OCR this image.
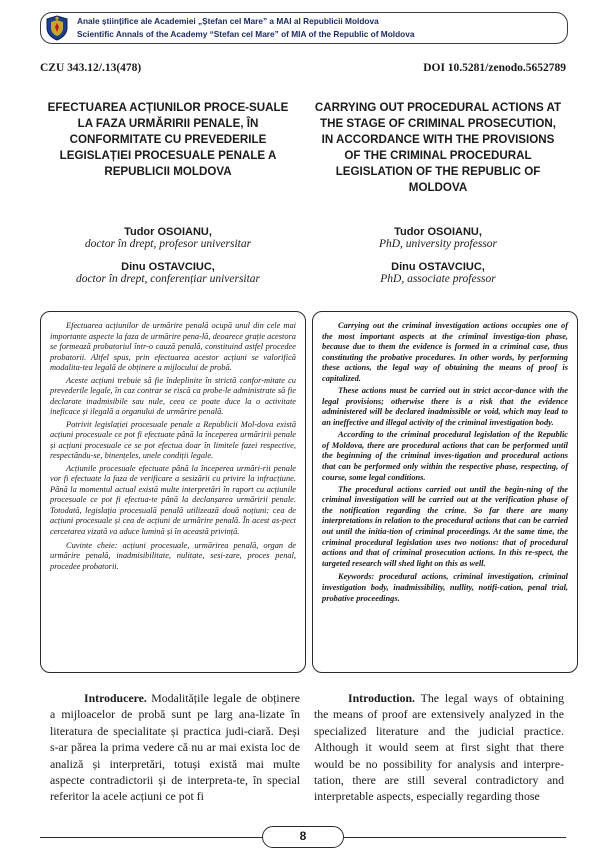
Anale științifice ale Academiei „Ștefan cel Mare” a MAI al Republicii Moldova
Scientific Annals of the Academy “Stefan cel Mare” of MIA of the Republic of Moldova
CZU 343.12/.13(478)	DOI 10.5281/zenodo.5652789
EFECTUAREA ACȚIUNILOR PROCE-SUALE LA FAZA URMĂRIRII PENALE, ÎN CONFORMITATE CU PREVEDERILE LEGISLAȚIEI PROCESUALE PENALE A REPUBLICII MOLDOVA
CARRYING OUT PROCEDURAL ACTIONS AT THE STAGE OF CRIMINAL PROSECUTION, IN ACCORDANCE WITH THE PROVISIONS OF THE CRIMINAL PROCEDURAL LEGISLATION OF THE REPUBLIC OF MOLDOVA
Tudor OSOIANU,
doctor în drept, profesor universitar
Dinu OSTAVCIUC,
doctor în drept, conferențiar universitar
Tudor OSOIANU,
PhD, university professor
Dinu OSTAVCIUC,
PhD, associate professor

Efectuarea acțiunilor de urmărire penală ocupă unul din cele mai importante aspecte la faza de urmărire pena-lă, deoarece grație acestora se formează probatoriul într-o cauză penală, constituind astfel procedee probatorii. Altfel spus, prin efectuarea acestor acțiuni se valorifică modalita-tea legală de obținere a mijlocului de probă.

Aceste acțiuni trebuie să fie îndeplinite în strictă confor-mitate cu prevederile legale, în caz contrar se riscă ca probe-le administrate să fie declarate inadmisibile sau nule, ceea ce poate duce la o activitate ineficace și ilegală a organului de urmărire penală.

Potrivit legislației procesuale penale a Republicii Mol-dova există acțiuni procesuale ce pot fi efectuate până la începerea urmăririi penale și acțiuni procesuale ce se pot efectua doar în limitele fazei respective, respectându-se, binențeles, unele condiții legale.

Acțiunile procesuale efectuate până la începerea urmări-rii penale vor fi efectuate la faza de verificare a sesizării cu privire la infracțiune. Până la momentul actual există multe interpretări în raport cu acțiunile procesuale ce pot fi efectua-te până la declanșarea urmăririi penale. Totodată, legislația procesuală penală utilizează două noțiuni: cea de acțiuni procesuale și cea de acțiuni de urmărire penală. În acest as-pect cercetarea vizată va aduce lumină și în această privință.

Cuvinte cheie: acțiuni procesuale, urmărirea penală, organ de urmărire penală, inadmisibilitate, nulitate, sesi-zare, proces penal, procedee probatorii.

Carrying out the criminal investigation actions occupies one of the most important aspects at the criminal investiga-tion phase, because due to them the evidence is formed in a criminal case, thus constituting the probative procedures. In other words, by performing these actions, the legal way of obtaining the means of proof is capitalized.

These actions must be carried out in strict accor-dance with the legal provisions; otherwise there is a risk that the evidence administered will be declared inadmissible or void, which may lead to an ineffective and illegal activity of the criminal investigation body.

According to the criminal procedural legislation of the Republic of Moldova, there are procedural actions that can be performed until the beginning of the criminal inves-tigation and procedural actions that can be performed only within the respective phase, respecting, of course, some legal conditions.

The procedural actions carried out until the begin-ning of the criminal investigation will be carried out at the verification phase of the notification regarding the crime. So far there are many interpretations in relation to the procedural actions that can be carried out until the initia-tion of criminal proceedings. At the same time, the criminal procedural legislation uses two notions: that of procedural actions and that of criminal prosecution actions. In this re-spect, the targeted research will shed light on this as well.

Keywords: procedural actions, criminal investigation, criminal investigation body, inadmissibility, nullity, notifi-cation, penal trial, probative proceedings.

Introducere. Modalitățile legale de obținere a mijloacelor de probă sunt pe larg ana-lizate în literatura de specialitate și practica judi-ciară. Deși s-ar părea la prima vedere că nu ar mai exista loc de analiză și interpretări, totuși există mai multe aspecte contradictorii și de interpreta-te, în special referitor la acele acțiuni ce pot fi
Introduction. The legal ways of obtaining the means of proof are extensively analyzed in the specialized literature and the judicial practice. Although it would seem at first sight that there would be no possibility for analysis and interpre-tation, there are still several contradictory and interpretable aspects, especially regarding those
8
